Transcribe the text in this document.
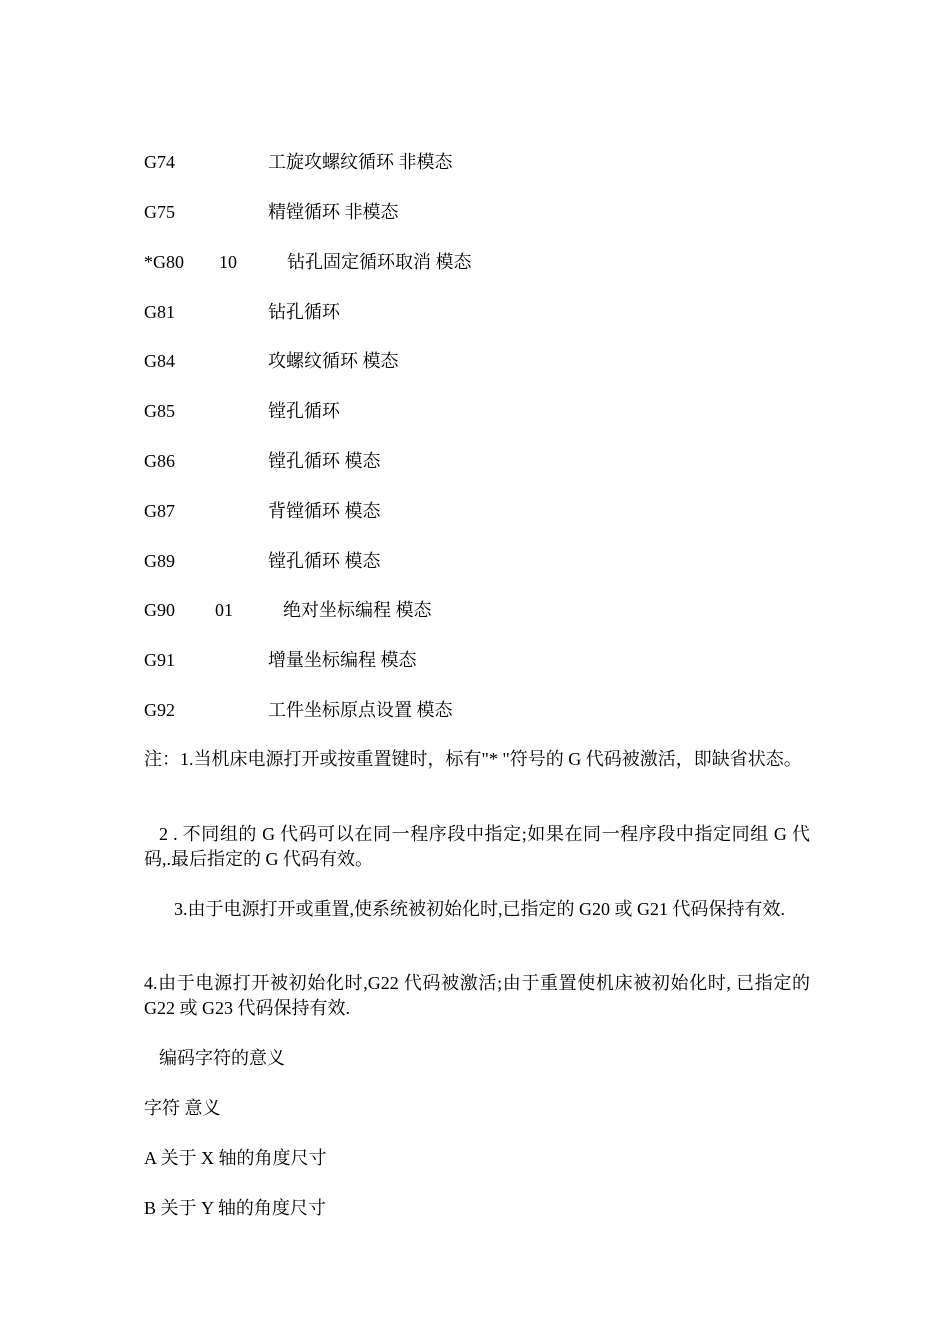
G74	工旋攻螺纹循环 非模态
G75	精镗循环 非模态
*G80 10	钻孔固定循环取消 模态
G81	钻孔循环
G84	攻螺纹循环 模态
G85	镗孔循环
G86	镗孔循环 模态
G87	背镗循环 模态
G89	镗孔循环 模态
G90 01	绝对坐标编程 模态
G91	增量坐标编程 模态
G92	工件坐标原点设置 模态
注：1.当机床电源打开或按重置键时，标有"* "符号的 G 代码被激活，即缺省状态。
2 . 不同组的 G 代码可以在同一程序段中指定;如果在同一程序段中指定同组 G 代码,.最后指定的 G 代码有效。
3.由于电源打开或重置,使系统被初始化时,已指定的 G20 或 G21 代码保持有效.
4.由于电源打开被初始化时,G22 代码被激活;由于重置使机床被初始化时, 已指定的 G22 或 G23 代码保持有效.
编码字符的意义
字符 意义
A 关于 X 轴的角度尺寸
B 关于 Y 轴的角度尺寸
